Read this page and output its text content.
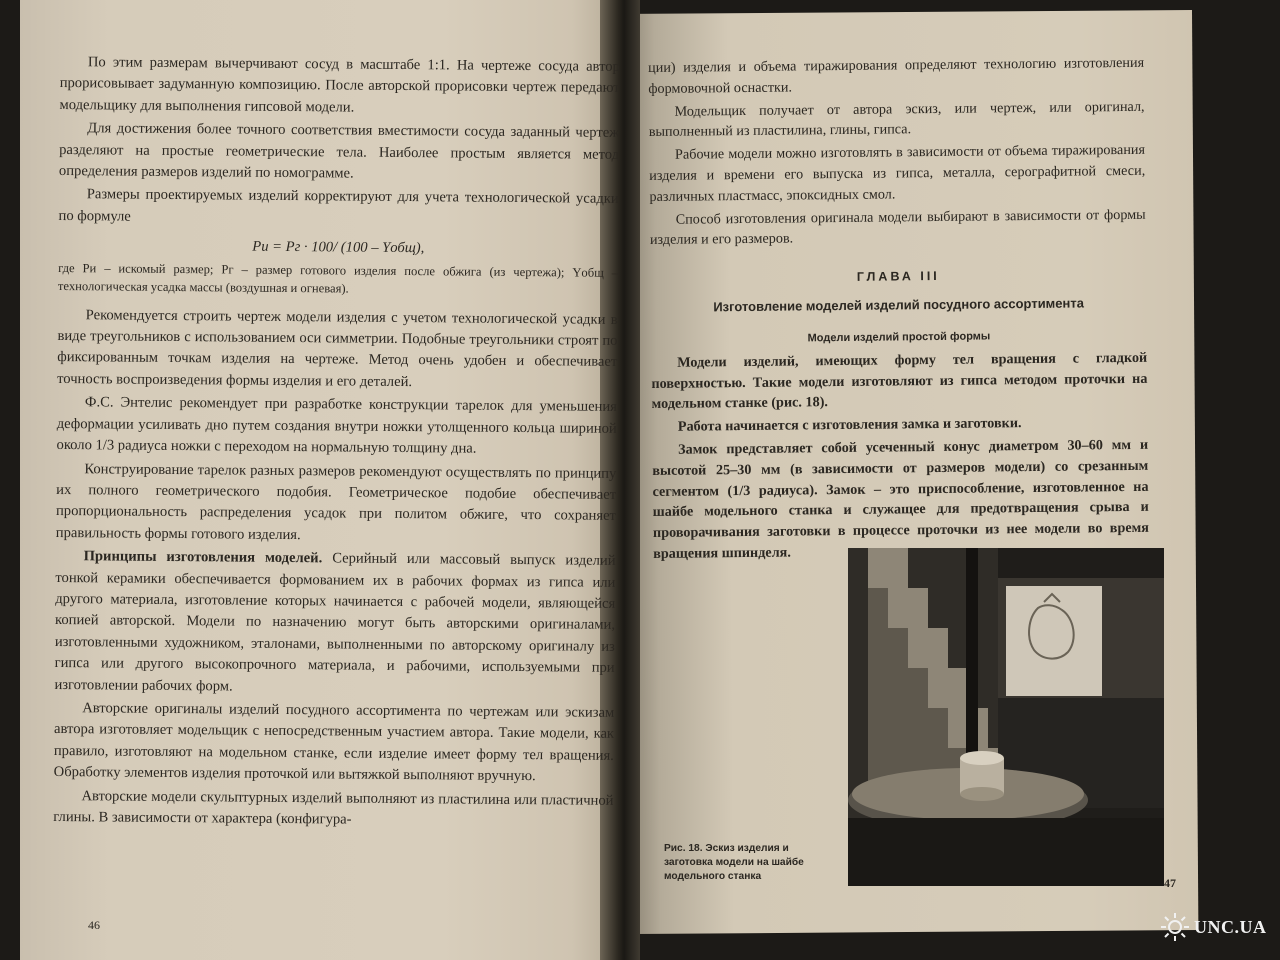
По этим размерам вычерчивают сосуд в масштабе 1:1. На чертеже сосуда автор прорисовывает задуманную композицию. После авторской прорисовки чертеж передают модельщику для выполнения гипсовой модели.

Для достижения более точного соответствия вместимости сосуда заданный чертеж разделяют на простые геометрические тела. Наиболее простым является метод определения размеров изделий по номограмме.

Размеры проектируемых изделий корректируют для учета технологической усадки по формуле

Pи = Pг · 100/ (100 – Yобщ),

где Pи – искомый размер; Pг – размер готового изделия после обжига (из чертежа); Yобщ – технологическая усадка массы (воздушная и огневая).

Рекомендуется строить чертеж модели изделия с учетом технологической усадки в виде треугольников с использованием оси симметрии. Подобные треугольники строят по фиксированным точкам изделия на чертеже. Метод очень удобен и обеспечивает точность воспроизведения формы изделия и его деталей.

Ф.С. Энтелис рекомендует при разработке конструкции тарелок для уменьшения деформации усиливать дно путем создания внутри ножки утолщенного кольца шириной около 1/3 радиуса ножки с переходом на нормальную толщину дна.

Конструирование тарелок разных размеров рекомендуют осуществлять по принципу их полного геометрического подобия. Геометрическое подобие обеспечивает пропорциональность распределения усадок при политом обжиге, что сохраняет правильность формы готового изделия.

Принципы изготовления моделей. Серийный или массовый выпуск изделий тонкой керамики обеспечивается формованием их в рабочих формах из гипса или другого материала, изготовление которых начинается с рабочей модели, являющейся копией авторской. Модели по назначению могут быть авторскими оригиналами, изготовленными художником, эталонами, выполненными по авторскому оригиналу из гипса или другого высокопрочного материала, и рабочими, используемыми при изготовлении рабочих форм.

Авторские оригиналы изделий посудного ассортимента по чертежам или эскизам автора изготовляет модельщик с непосредственным участием автора. Такие модели, как правило, изготовляют на модельном станке, если изделие имеет форму тел вращения. Обработку элементов изделия проточкой или вытяжкой выполняют вручную.

Авторские модели скульптурных изделий выполняют из пластилина или пластичной глины. В зависимости от характера (конфигура-

46

ции) изделия и объема тиражирования определяют технологию изготовления формовочной оснастки.

Модельщик получает от автора эскиз, или чертеж, или оригинал, выполненный из пластилина, глины, гипса.

Рабочие модели можно изготовлять в зависимости от объема тиражирования изделия и времени его выпуска из гипса, металла, серографитной смеси, различных пластмасс, эпоксидных смол.

Способ изготовления оригинала модели выбирают в зависимости от формы изделия и его размеров.

ГЛАВА III

Изготовление моделей изделий посудного ассортимента

Модели изделий простой формы

Модели изделий, имеющих форму тел вращения с гладкой поверхностью. Такие модели изготовляют из гипса методом проточки на модельном станке (рис. 18).

Работа начинается с изготовления замка и заготовки.

Замок представляет собой усеченный конус диаметром 30–60 мм и высотой 25–30 мм (в зависимости от размеров модели) со срезанным сегментом (1/3 радиуса). Замок – это приспособление, изготовленное на шайбе модельного станка и служащее для предотвращения срыва и проворачивания заготовки в процессе проточки из нее модели во время вращения шпинделя.

Рис. 18. Эскиз изделия и заготовка модели на шайбе модельного станка	47
UNC.UA
